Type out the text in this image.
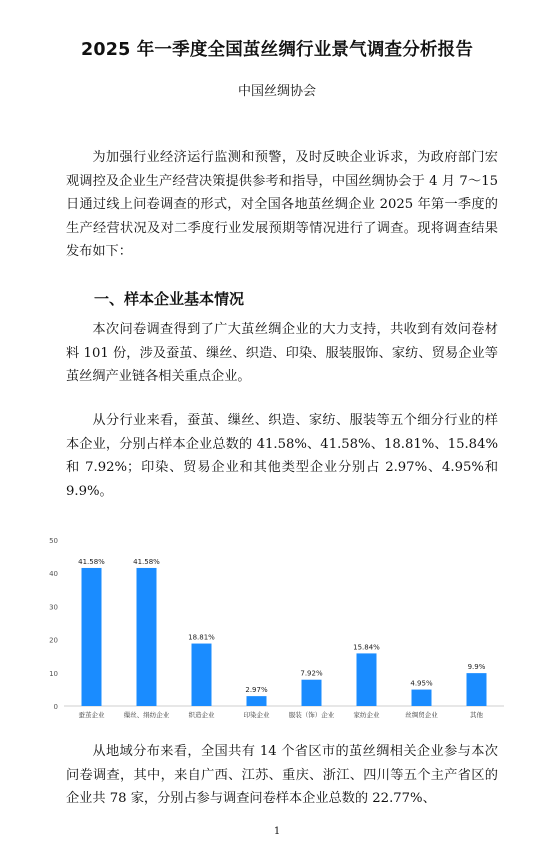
2025 年一季度全国茧丝绸行业景气调查分析报告
中国丝绸协会
为加强行业经济运行监测和预警，及时反映企业诉求，为政府部门宏观调控及企业生产经营决策提供参考和指导，中国丝绸协会于 4 月 7～15 日通过线上问卷调查的形式，对全国各地茧丝绸企业 2025 年第一季度的生产经营状况及对二季度行业发展预期等情况进行了调查。现将调查结果发布如下：
一、样本企业基本情况
本次问卷调查得到了广大茧丝绸企业的大力支持，共收到有效问卷材料 101 份，涉及蚕茧、缫丝、织造、印染、服装服饰、家纺、贸易企业等茧丝绸产业链各相关重点企业。
从分行业来看，蚕茧、缫丝、织造、家纺、服装等五个细分行业的样本企业，分别占样本企业总数的 41.58%、41.58%、18.81%、15.84% 和 7.92%；印染、贸易企业和其他类型企业分别占 2.97%、4.95%和 9.9%。
0
10
20
30
40
50
41.58%
蚕茧企业
41.58%
缫丝、绢纺企业
18.81%
织造企业
2.97%
印染企业
7.92%
服装（饰）企业
15.84%
家纺企业
4.95%
丝绸贸企业
9.9%
其他
从地域分布来看，全国共有 14 个省区市的茧丝绸相关企业参与本次问卷调查，其中，来自广西、江苏、重庆、浙江、四川等五个主产省区的企业共 78 家，分别占参与调查问卷样本企业总数的 22.77%、
1
